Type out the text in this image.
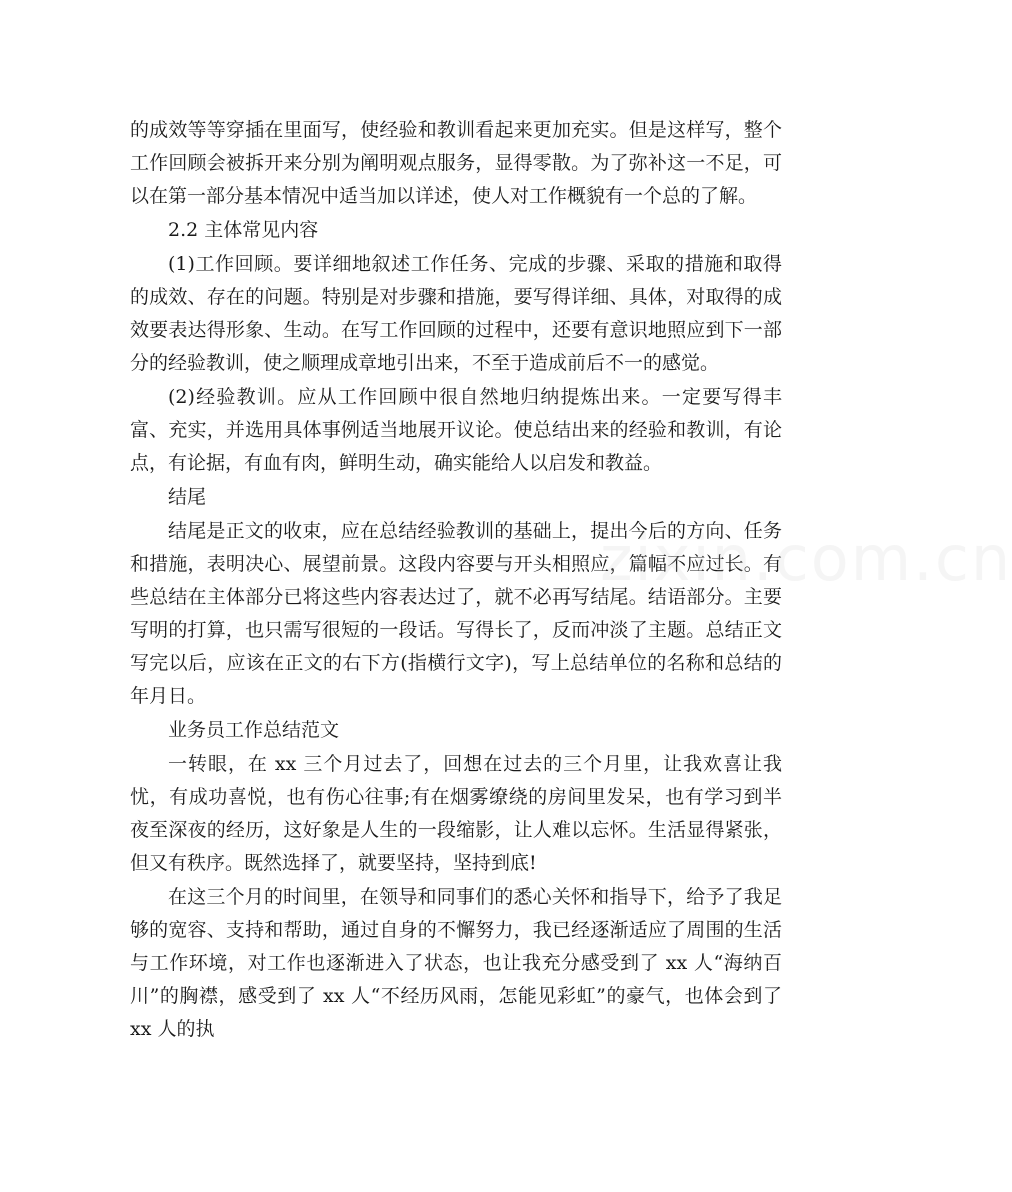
的成效等等穿插在里面写，使经验和教训看起来更加充实。但是这样写，整个工作回顾会被拆开来分别为阐明观点服务，显得零散。为了弥补这一不足，可以在第一部分基本情况中适当加以详述，使人对工作概貌有一个总的了解。

2.2 主体常见内容

(1)工作回顾。要详细地叙述工作任务、完成的步骤、采取的措施和取得的成效、存在的问题。特别是对步骤和措施，要写得详细、具体，对取得的成效要表达得形象、生动。在写工作回顾的过程中，还要有意识地照应到下一部分的经验教训，使之顺理成章地引出来，不至于造成前后不一的感觉。

(2)经验教训。应从工作回顾中很自然地归纳提炼出来。一定要写得丰富、充实，并选用具体事例适当地展开议论。使总结出来的经验和教训，有论点，有论据，有血有肉，鲜明生动，确实能给人以启发和教益。

结尾

结尾是正文的收束，应在总结经验教训的基础上，提出今后的方向、任务和措施，表明决心、展望前景。这段内容要与开头相照应，篇幅不应过长。有些总结在主体部分已将这些内容表达过了，就不必再写结尾。结语部分。主要写明的打算，也只需写很短的一段话。写得长了，反而冲淡了主题。总结正文写完以后，应该在正文的右下方(指横行文字)，写上总结单位的名称和总结的年月日。

业务员工作总结范文

一转眼，在 xx 三个月过去了，回想在过去的三个月里，让我欢喜让我忧，有成功喜悦，也有伤心往事;有在烟雾缭绕的房间里发呆，也有学习到半夜至深夜的经历，这好象是人生的一段缩影，让人难以忘怀。生活显得紧张，但又有秩序。既然选择了，就要坚持，坚持到底!

在这三个月的时间里，在领导和同事们的悉心关怀和指导下，给予了我足够的宽容、支持和帮助，通过自身的不懈努力，我已经逐渐适应了周围的生活与工作环境，对工作也逐渐进入了状态，也让我充分感受到了 xx 人“海纳百川”的胸襟，感受到了 xx 人“不经历风雨，怎能见彩虹”的豪气，也体会到了 xx 人的执

zixin.com.cn
